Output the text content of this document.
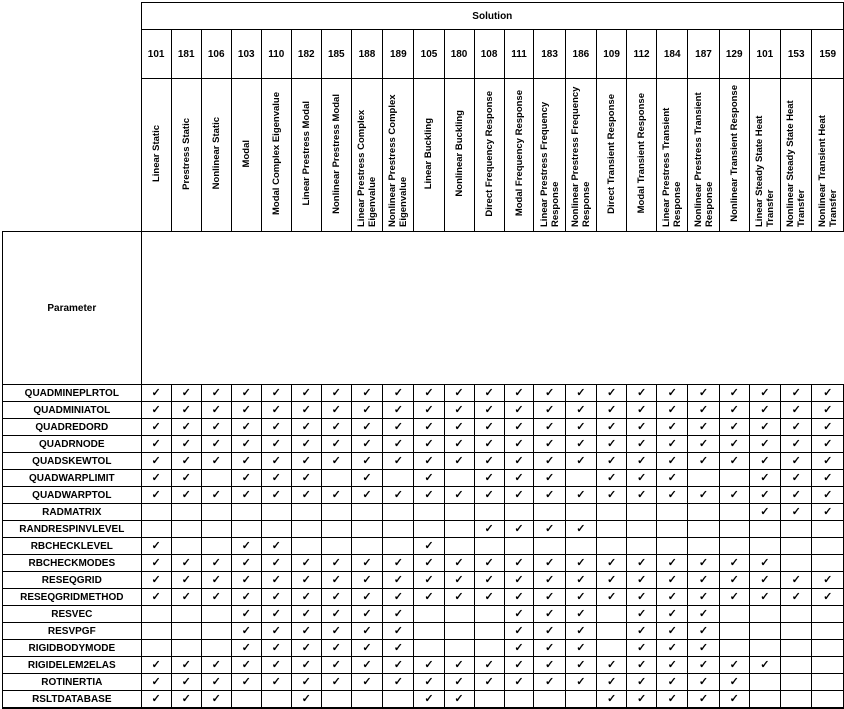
	Solution																						
	101	181	106	103	110	182	185	188	189	105	180	108	111	183	186	109	112	184	187	129	101	153	159
	Linear Static	Prestress Static	Nonlinear Static	Modal	Modal Complex Eigenvalue	Linear Prestress Modal	Nonlinear Prestress Modal	Linear Prestress Complex Eigenvalue	Nonlinear Prestress Complex Eigenvalue	Linear Buckling	Nonlinear Buckling	Direct Frequency Response	Modal Frequency Response	Linear Prestress Frequency Response	Nonlinear Prestress Frequency Response	Direct Transient Response	Modal Transient Response	Linear Prestress Transient Response	Nonlinear Prestress Transient Response	Nonlinear Transient Response	Linear Steady State Heat Transfer	Nonlinear Steady State Heat Transfer	Nonlinear Transient Heat Transfer
Parameter																							
QUADMINEPLRTOL	✓	✓	✓	✓	✓	✓	✓	✓	✓	✓	✓	✓	✓	✓	✓	✓	✓	✓	✓	✓	✓	✓	✓
QUADMINIATOL	✓	✓	✓	✓	✓	✓	✓	✓	✓	✓	✓	✓	✓	✓	✓	✓	✓	✓	✓	✓	✓	✓	✓
QUADREDORD	✓	✓	✓	✓	✓	✓	✓	✓	✓	✓	✓	✓	✓	✓	✓	✓	✓	✓	✓	✓	✓	✓	✓
QUADRNODE	✓	✓	✓	✓	✓	✓	✓	✓	✓	✓	✓	✓	✓	✓	✓	✓	✓	✓	✓	✓	✓	✓	✓
QUADSKEWTOL	✓	✓	✓	✓	✓	✓	✓	✓	✓	✓	✓	✓	✓	✓	✓	✓	✓	✓	✓	✓	✓	✓	✓
QUADWARPLIMIT	✓	✓		✓	✓	✓		✓		✓		✓	✓	✓		✓	✓	✓			✓	✓	✓
QUADWARPTOL	✓	✓	✓	✓	✓	✓	✓	✓	✓	✓	✓	✓	✓	✓	✓	✓	✓	✓	✓	✓	✓	✓	✓
RADMATRIX																					✓	✓	✓
RANDRESPINVLEVEL												✓	✓	✓	✓								
RBCHECKLEVEL	✓			✓	✓					✓													
RBCHECKMODES	✓	✓	✓	✓	✓	✓	✓	✓	✓	✓	✓	✓	✓	✓	✓	✓	✓	✓	✓	✓	✓		
RESEQGRID	✓	✓	✓	✓	✓	✓	✓	✓	✓	✓	✓	✓	✓	✓	✓	✓	✓	✓	✓	✓	✓	✓	✓
RESEQGRIDMETHOD	✓	✓	✓	✓	✓	✓	✓	✓	✓	✓	✓	✓	✓	✓	✓	✓	✓	✓	✓	✓	✓	✓	✓
RESVEC				✓	✓	✓	✓	✓	✓				✓	✓	✓		✓	✓	✓				
RESVPGF				✓	✓	✓	✓	✓	✓				✓	✓	✓		✓	✓	✓				
RIGIDBODYMODE				✓	✓	✓	✓	✓	✓				✓	✓	✓		✓	✓	✓				
RIGIDELEM2ELAS	✓	✓	✓	✓	✓	✓	✓	✓	✓	✓	✓	✓	✓	✓	✓	✓	✓	✓	✓	✓	✓		
ROTINERTIA	✓	✓	✓	✓	✓	✓	✓	✓	✓	✓	✓	✓	✓	✓	✓	✓	✓	✓	✓	✓			
RSLTDATABASE	✓	✓	✓			✓				✓	✓					✓	✓	✓	✓	✓			
